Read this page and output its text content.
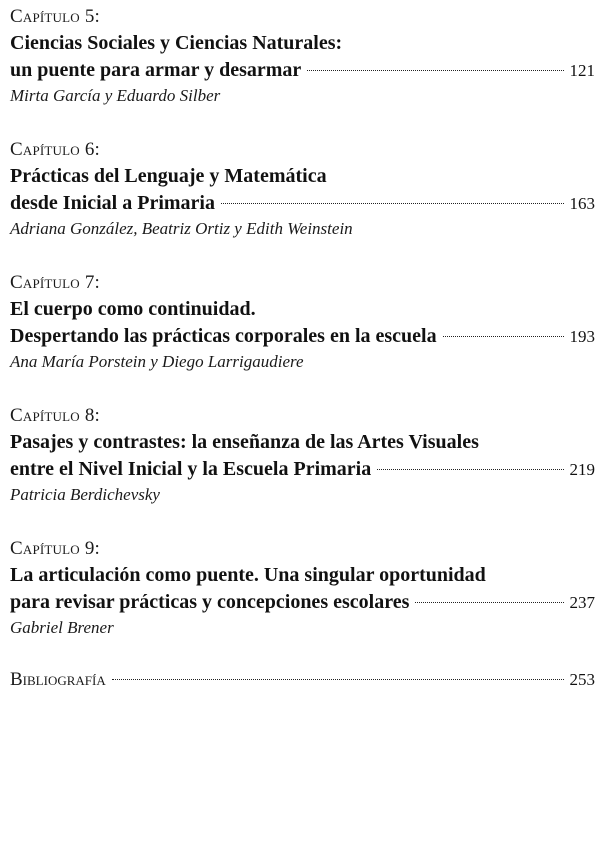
Capítulo 5:
Ciencias Sociales y Ciencias Naturales:
un puente para armar y desarmar	121
Mirta García y Eduardo Silber
Capítulo 6:
Prácticas del Lenguaje y Matemática
desde Inicial a Primaria	163
Adriana González, Beatriz Ortiz y Edith Weinstein
Capítulo 7:
El cuerpo como continuidad.
Despertando las prácticas corporales en la escuela	193
Ana María Porstein y Diego Larrigaudiere
Capítulo 8:
Pasajes y contrastes: la enseñanza de las Artes Visuales
entre el Nivel Inicial y la Escuela Primaria	219
Patricia Berdichevsky
Capítulo 9:
La articulación como puente. Una singular oportunidad
para revisar prácticas y concepciones escolares	237
Gabriel Brener
Bibliografía	253
